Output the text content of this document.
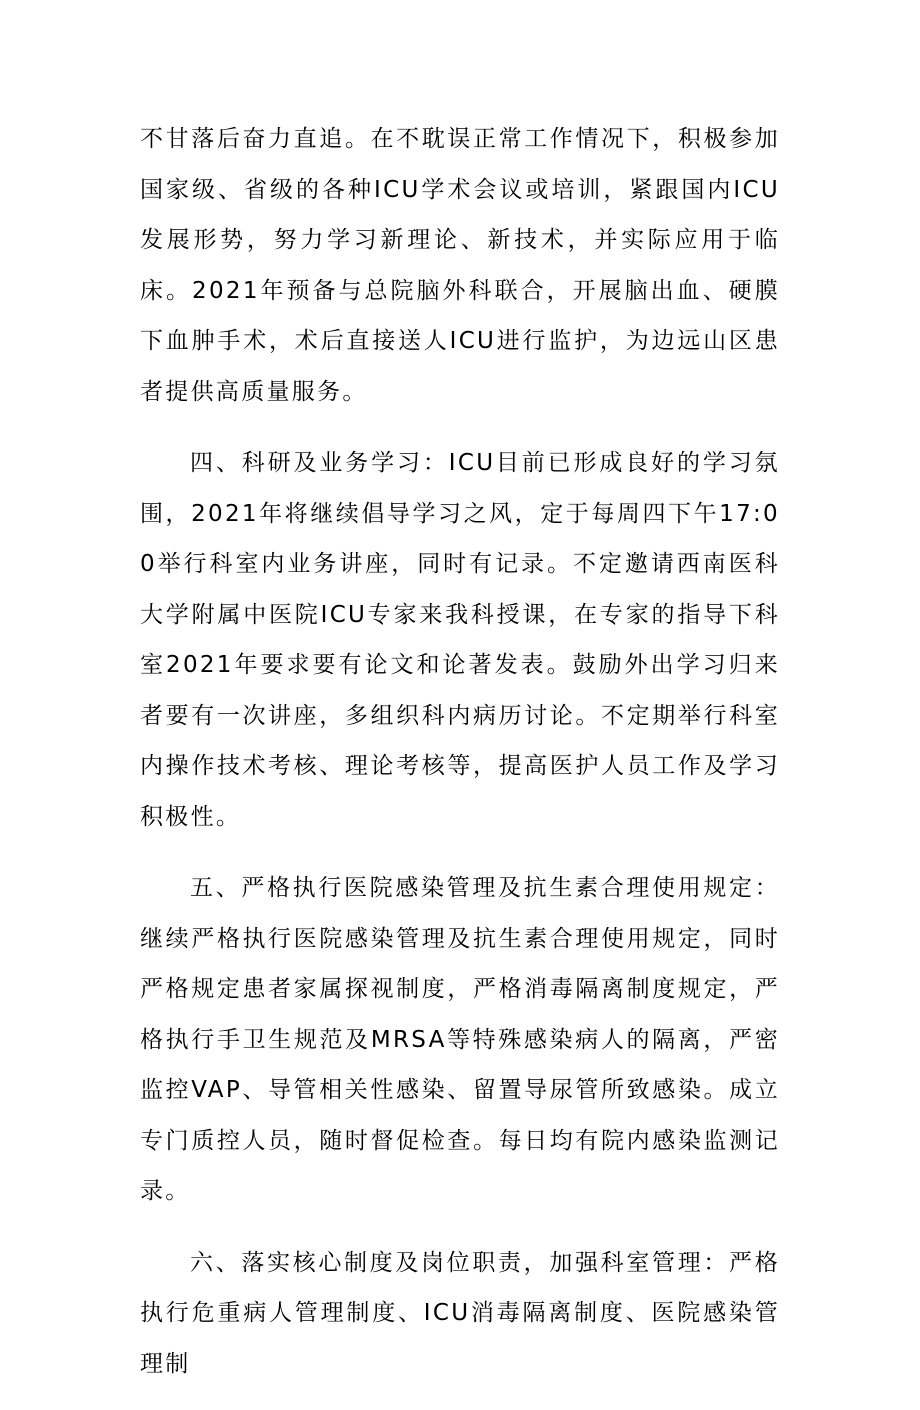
不甘落后奋力直追。在不耽误正常工作情况下，积极参加国家级、省级的各种ICU学术会议或培训，紧跟国内ICU发展形势，努力学习新理论、新技术，并实际应用于临床。2021年预备与总院脑外科联合，开展脑出血、硬膜下血肿手术，术后直接送人ICU进行监护，为边远山区患者提供高质量服务。

四、科研及业务学习：ICU目前已形成良好的学习氛围，2021年将继续倡导学习之风，定于每周四下午17:00举行科室内业务讲座，同时有记录。不定邀请西南医科大学附属中医院ICU专家来我科授课，在专家的指导下科室2021年要求要有论文和论著发表。鼓励外出学习归来者要有一次讲座，多组织科内病历讨论。不定期举行科室内操作技术考核、理论考核等，提高医护人员工作及学习积极性。

五、严格执行医院感染管理及抗生素合理使用规定：继续严格执行医院感染管理及抗生素合理使用规定，同时严格规定患者家属探视制度，严格消毒隔离制度规定，严格执行手卫生规范及MRSA等特殊感染病人的隔离，严密监控VAP、导管相关性感染、留置导尿管所致感染。成立专门质控人员，随时督促检查。每日均有院内感染监测记录。

六、落实核心制度及岗位职责，加强科室管理：严格执行危重病人管理制度、ICU消毒隔离制度、医院感染管理制
